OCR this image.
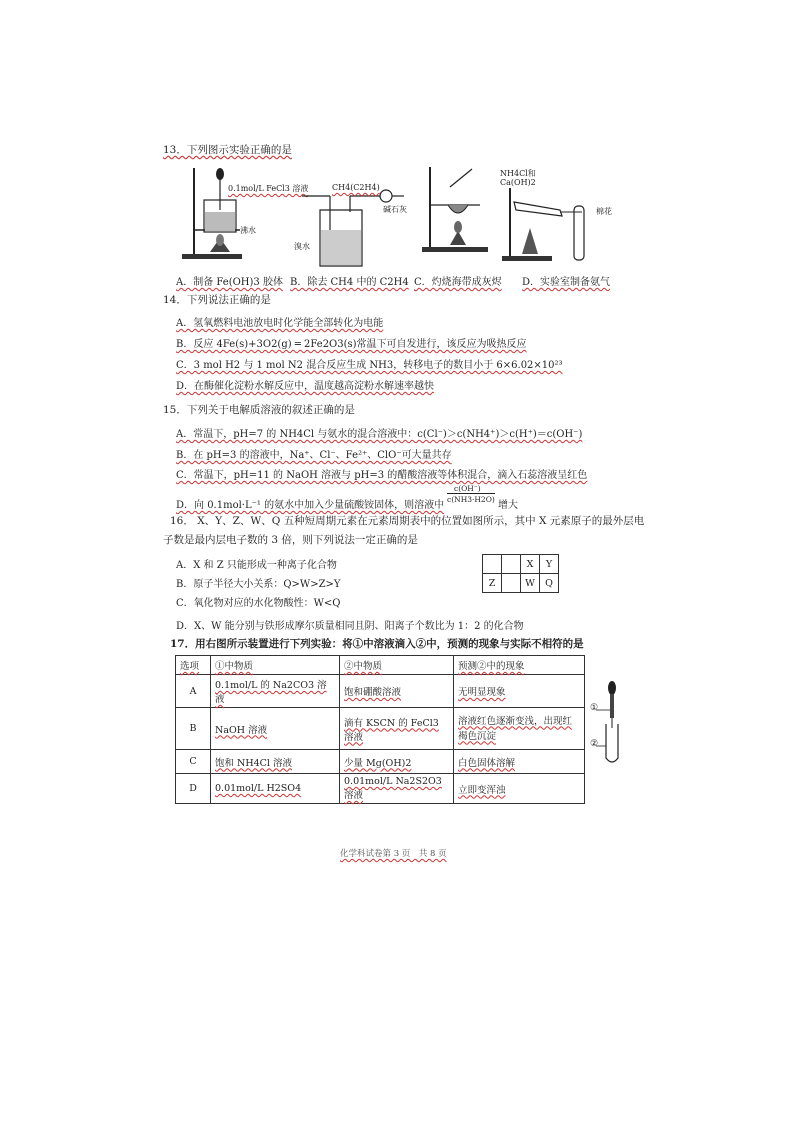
13．下列图示实验正确的是
0.1mol/L FeCl3 溶液
沸水
CH4(C2H4)
碱石灰
溴水
NH4Cl和
Ca(OH)2
棉花
A．制备 Fe(OH)3 胶体 B．除去 CH4 中的 C2H4 C．灼烧海带成灰烬 D．实验室制备氨气
14．下列说法正确的是
A．氢氧燃料电池放电时化学能全部转化为电能
B．反应 4Fe(s)+3O2(g) ═ 2Fe2O3(s)常温下可自发进行，该反应为吸热反应
C．3 mol H2 与 1 mol N2 混合反应生成 NH3，转移电子的数目小于 6×6.02×10²³
D．在酶催化淀粉水解反应中，温度越高淀粉水解速率越快
15．下列关于电解质溶液的叙述正确的是
A．常温下，pH=7 的 NH4Cl 与氨水的混合溶液中：c(Cl⁻)＞c(NH4⁺)＞c(H⁺)＝c(OH⁻)
B．在 pH=3 的溶液中，Na⁺、Cl⁻、Fe²⁺、ClO⁻可大量共存
C．常温下，pH=11 的 NaOH 溶液与 pH=3 的醋酸溶液等体积混合，滴入石蕊溶液呈红色
D．向 0.1mol·L⁻¹ 的氨水中加入少量硫酸铵固体，则溶液中
c(OH⁻)
c(NH3·H2O)
增大
16． X、Y、Z、W、Q 五种短周期元素在元素周期表中的位置如图所示，其中 X 元素原子的最外层电
子数是最内层电子数的 3 倍，则下列说法一定正确的是
A．X 和 Z 只能形成一种离子化合物
B．原子半径大小关系：Q>W>Z>Y
C．氧化物对应的水化物酸性：W<Q
D．X、W 能分别与铁形成摩尔质量相同且阴、阳离子个数比为 1：2 的化合物
		X	Y
Z		W	Q
17．用右图所示装置进行下列实验：将①中溶液滴入②中，预测的现象与实际不相符的是
选项	①中物质	②中物质	预测②中的现象
A	0.1mol/L 的 Na2CO3 溶液	饱和硼酸溶液	无明显现象
B	NaOH 溶液	滴有 KSCN 的 FeCl3 溶液	溶液红色逐渐变浅，出现红褐色沉淀
C	饱和 NH4Cl 溶液	少量 Mg(OH)2	白色固体溶解
D	0.01mol/L H2SO4	0.01mol/L Na2S2O3 溶液	立即变浑浊
①
②
化学科试卷第 3 页　共 8 页
